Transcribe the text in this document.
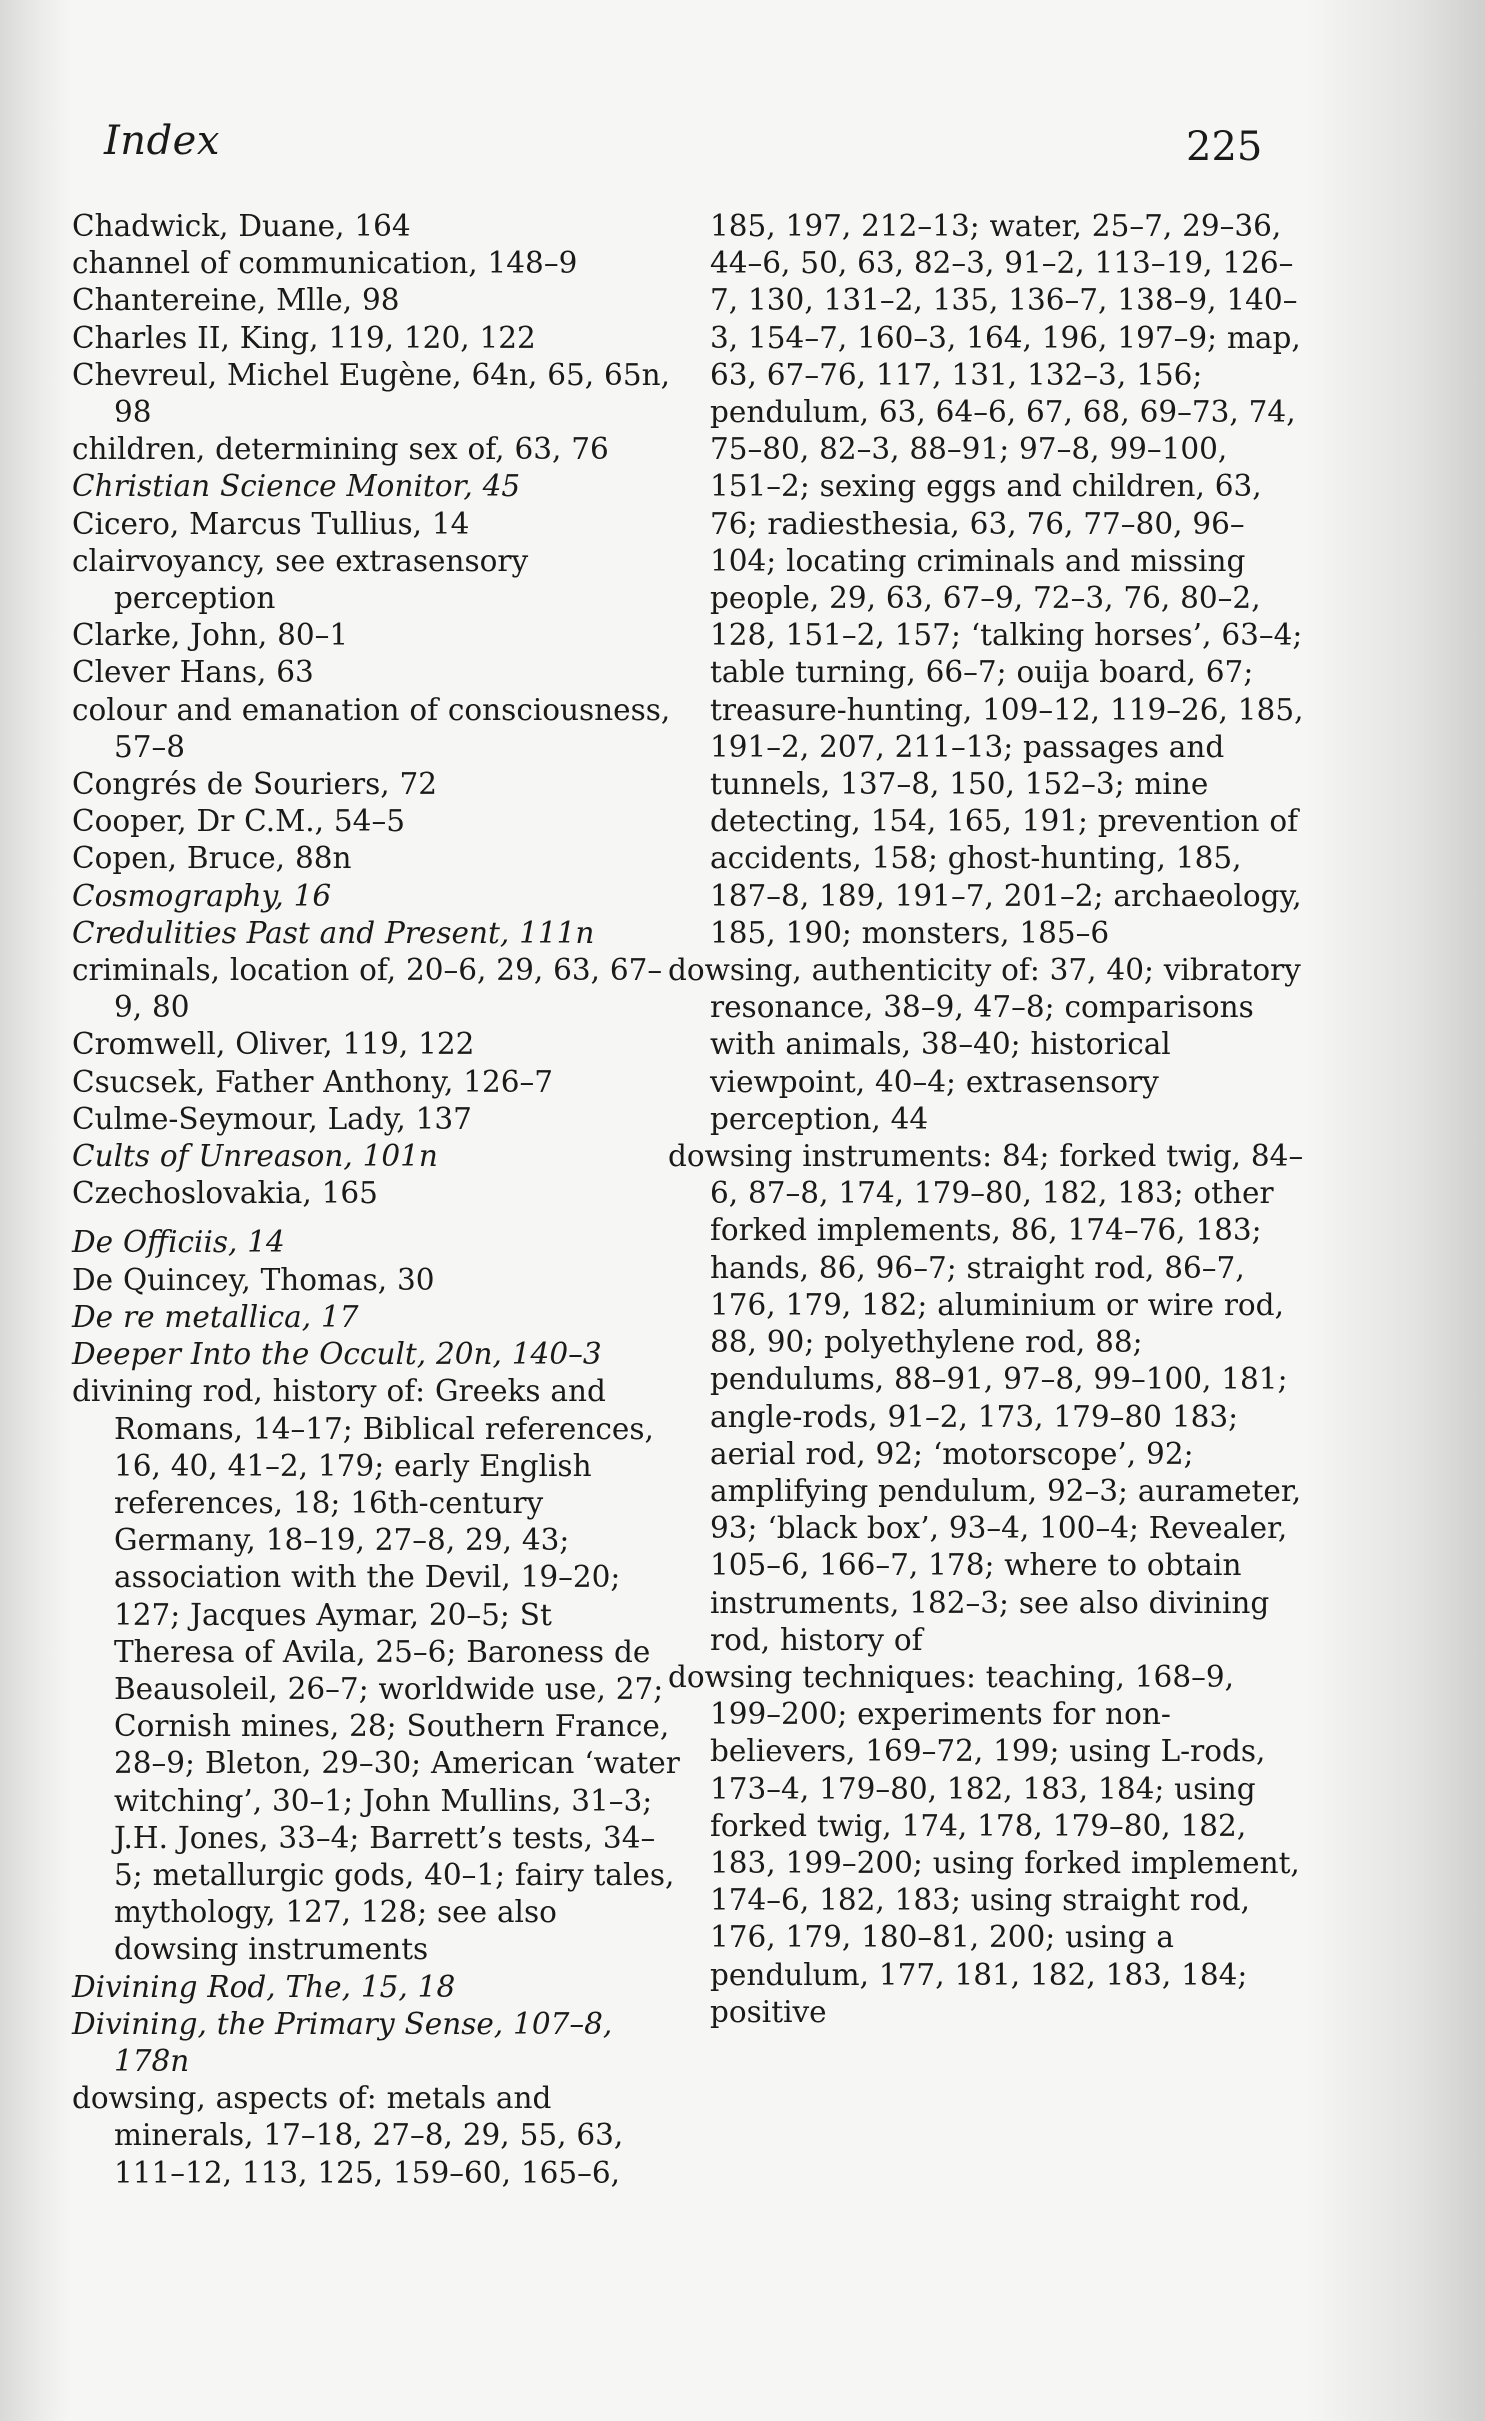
Index	225
Chadwick, Duane, 164
channel of communication, 148–9
Chantereine, Mlle, 98
Charles II, King, 119, 120, 122
Chevreul, Michel Eugène, 64n, 65, 65n, 98
children, determining sex of, 63, 76
Christian Science Monitor, 45
Cicero, Marcus Tullius, 14
clairvoyancy, see extrasensory perception
Clarke, John, 80–1
Clever Hans, 63
colour and emanation of consciousness, 57–8
Congrés de Souriers, 72
Cooper, Dr C.M., 54–5
Copen, Bruce, 88n
Cosmography, 16
Credulities Past and Present, 111n
criminals, location of, 20–6, 29, 63, 67–9, 80
Cromwell, Oliver, 119, 122
Csucsek, Father Anthony, 126–7
Culme-Seymour, Lady, 137
Cults of Unreason, 101n
Czechoslovakia, 165
De Officiis, 14
De Quincey, Thomas, 30
De re metallica, 17
Deeper Into the Occult, 20n, 140–3
divining rod, history of: Greeks and Romans, 14–17; Biblical references, 16, 40, 41–2, 179; early English references, 18; 16th-century Germany, 18–19, 27–8, 29, 43; association with the Devil, 19–20; 127; Jacques Aymar, 20–5; St Theresa of Avila, 25–6; Baroness de Beausoleil, 26–7; worldwide use, 27; Cornish mines, 28; Southern France, 28–9; Bleton, 29–30; American ‘water witching’, 30–1; John Mullins, 31–3; J.H. Jones, 33–4; Barrett’s tests, 34–5; metallurgic gods, 40–1; fairy tales, mythology, 127, 128; see also dowsing instruments
Divining Rod, The, 15, 18
Divining, the Primary Sense, 107–8, 178n
dowsing, aspects of: metals and minerals, 17–18, 27–8, 29, 55, 63, 111–12, 113, 125, 159–60, 165–6,
185, 197, 212–13; water, 25–7, 29–36, 44–6, 50, 63, 82–3, 91–2, 113–19, 126–7, 130, 131–2, 135, 136–7, 138–9, 140–3, 154–7, 160–3, 164, 196, 197–9; map, 63, 67–76, 117, 131, 132–3, 156; pendulum, 63, 64–6, 67, 68, 69–73, 74, 75–80, 82–3, 88–91; 97–8, 99–100, 151–2; sexing eggs and children, 63, 76; radiesthesia, 63, 76, 77–80, 96–104; locating criminals and missing people, 29, 63, 67–9, 72–3, 76, 80–2, 128, 151–2, 157; ‘talking horses’, 63–4; table turning, 66–7; ouija board, 67; treasure-hunting, 109–12, 119–26, 185, 191–2, 207, 211–13; passages and tunnels, 137–8, 150, 152–3; mine detecting, 154, 165, 191; prevention of accidents, 158; ghost-hunting, 185, 187–8, 189, 191–7, 201–2; archaeology, 185, 190; monsters, 185–6
dowsing, authenticity of: 37, 40; vibratory resonance, 38–9, 47–8; comparisons with animals, 38–40; historical viewpoint, 40–4; extrasensory perception, 44
dowsing instruments: 84; forked twig, 84–6, 87–8, 174, 179–80, 182, 183; other forked implements, 86, 174–76, 183; hands, 86, 96–7; straight rod, 86–7, 176, 179, 182; aluminium or wire rod, 88, 90; polyethylene rod, 88; pendulums, 88–91, 97–8, 99–100, 181; angle-rods, 91–2, 173, 179–80 183; aerial rod, 92; ‘motorscope’, 92; amplifying pendulum, 92–3; aurameter, 93; ‘black box’, 93–4, 100–4; Revealer, 105–6, 166–7, 178; where to obtain instruments, 182–3; see also divining rod, history of
dowsing techniques: teaching, 168–9, 199–200; experiments for non-believers, 169–72, 199; using L-rods, 173–4, 179–80, 182, 183, 184; using forked twig, 174, 178, 179–80, 182, 183, 199–200; using forked implement, 174–6, 182, 183; using straight rod, 176, 179, 180–81, 200; using a pendulum, 177, 181, 182, 183, 184; positive
